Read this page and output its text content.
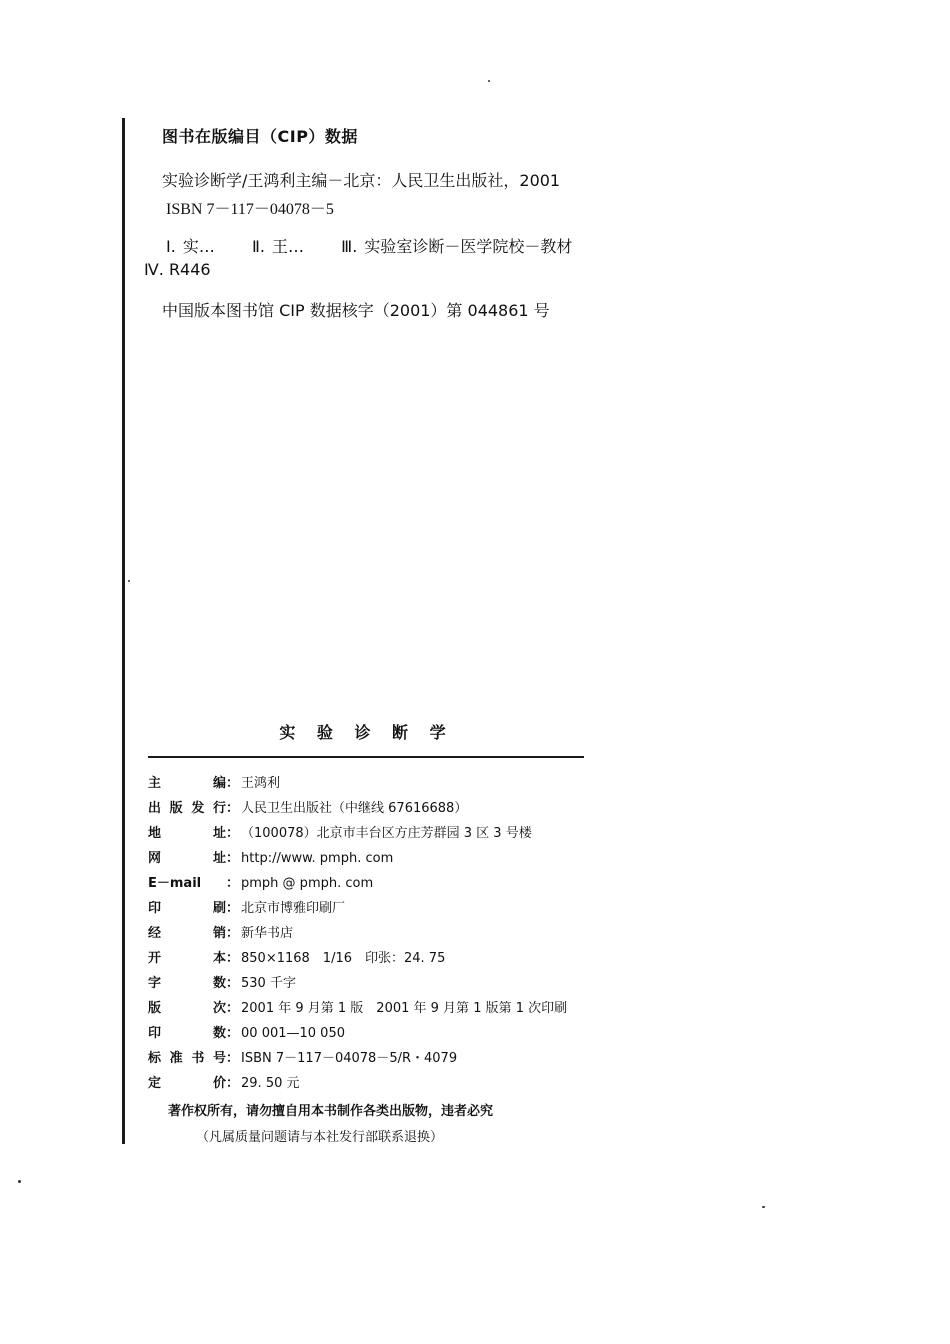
图书在版编目（CIP）数据
实验诊断学/王鸿利主编－北京：人民卫生出版社，2001
ISBN 7－117－04078－5
Ⅰ. 实… Ⅱ. 王… Ⅲ. 实验室诊断－医学院校－教材
Ⅳ. R446
中国版本图书馆 CIP 数据核字（2001）第 044861 号
实 验 诊 断 学
主　　编 ： 王鸿利
出版发行 ： 人民卫生出版社（中继线 67616688）
地　　址 ： （100078）北京市丰台区方庄芳群园 3 区 3 号楼
网　　址 ： http://www. pmph. com
E－mail	： pmph @ pmph. com
印　　刷 ： 北京市博雅印刷厂
经　　销 ： 新华书店
开　　本 ： 850×1168　1/16　印张：24. 75
字　　数 ： 530 千字
版　　次 ： 2001 年 9 月第 1 版　2001 年 9 月第 1 版第 1 次印刷
印　　数 ： 00 001—10 050
标准书号 ： ISBN 7－117－04078－5/R・4079
定　　价 ： 29. 50 元
著作权所有，请勿擅自用本书制作各类出版物，违者必究
（凡属质量问题请与本社发行部联系退换）
